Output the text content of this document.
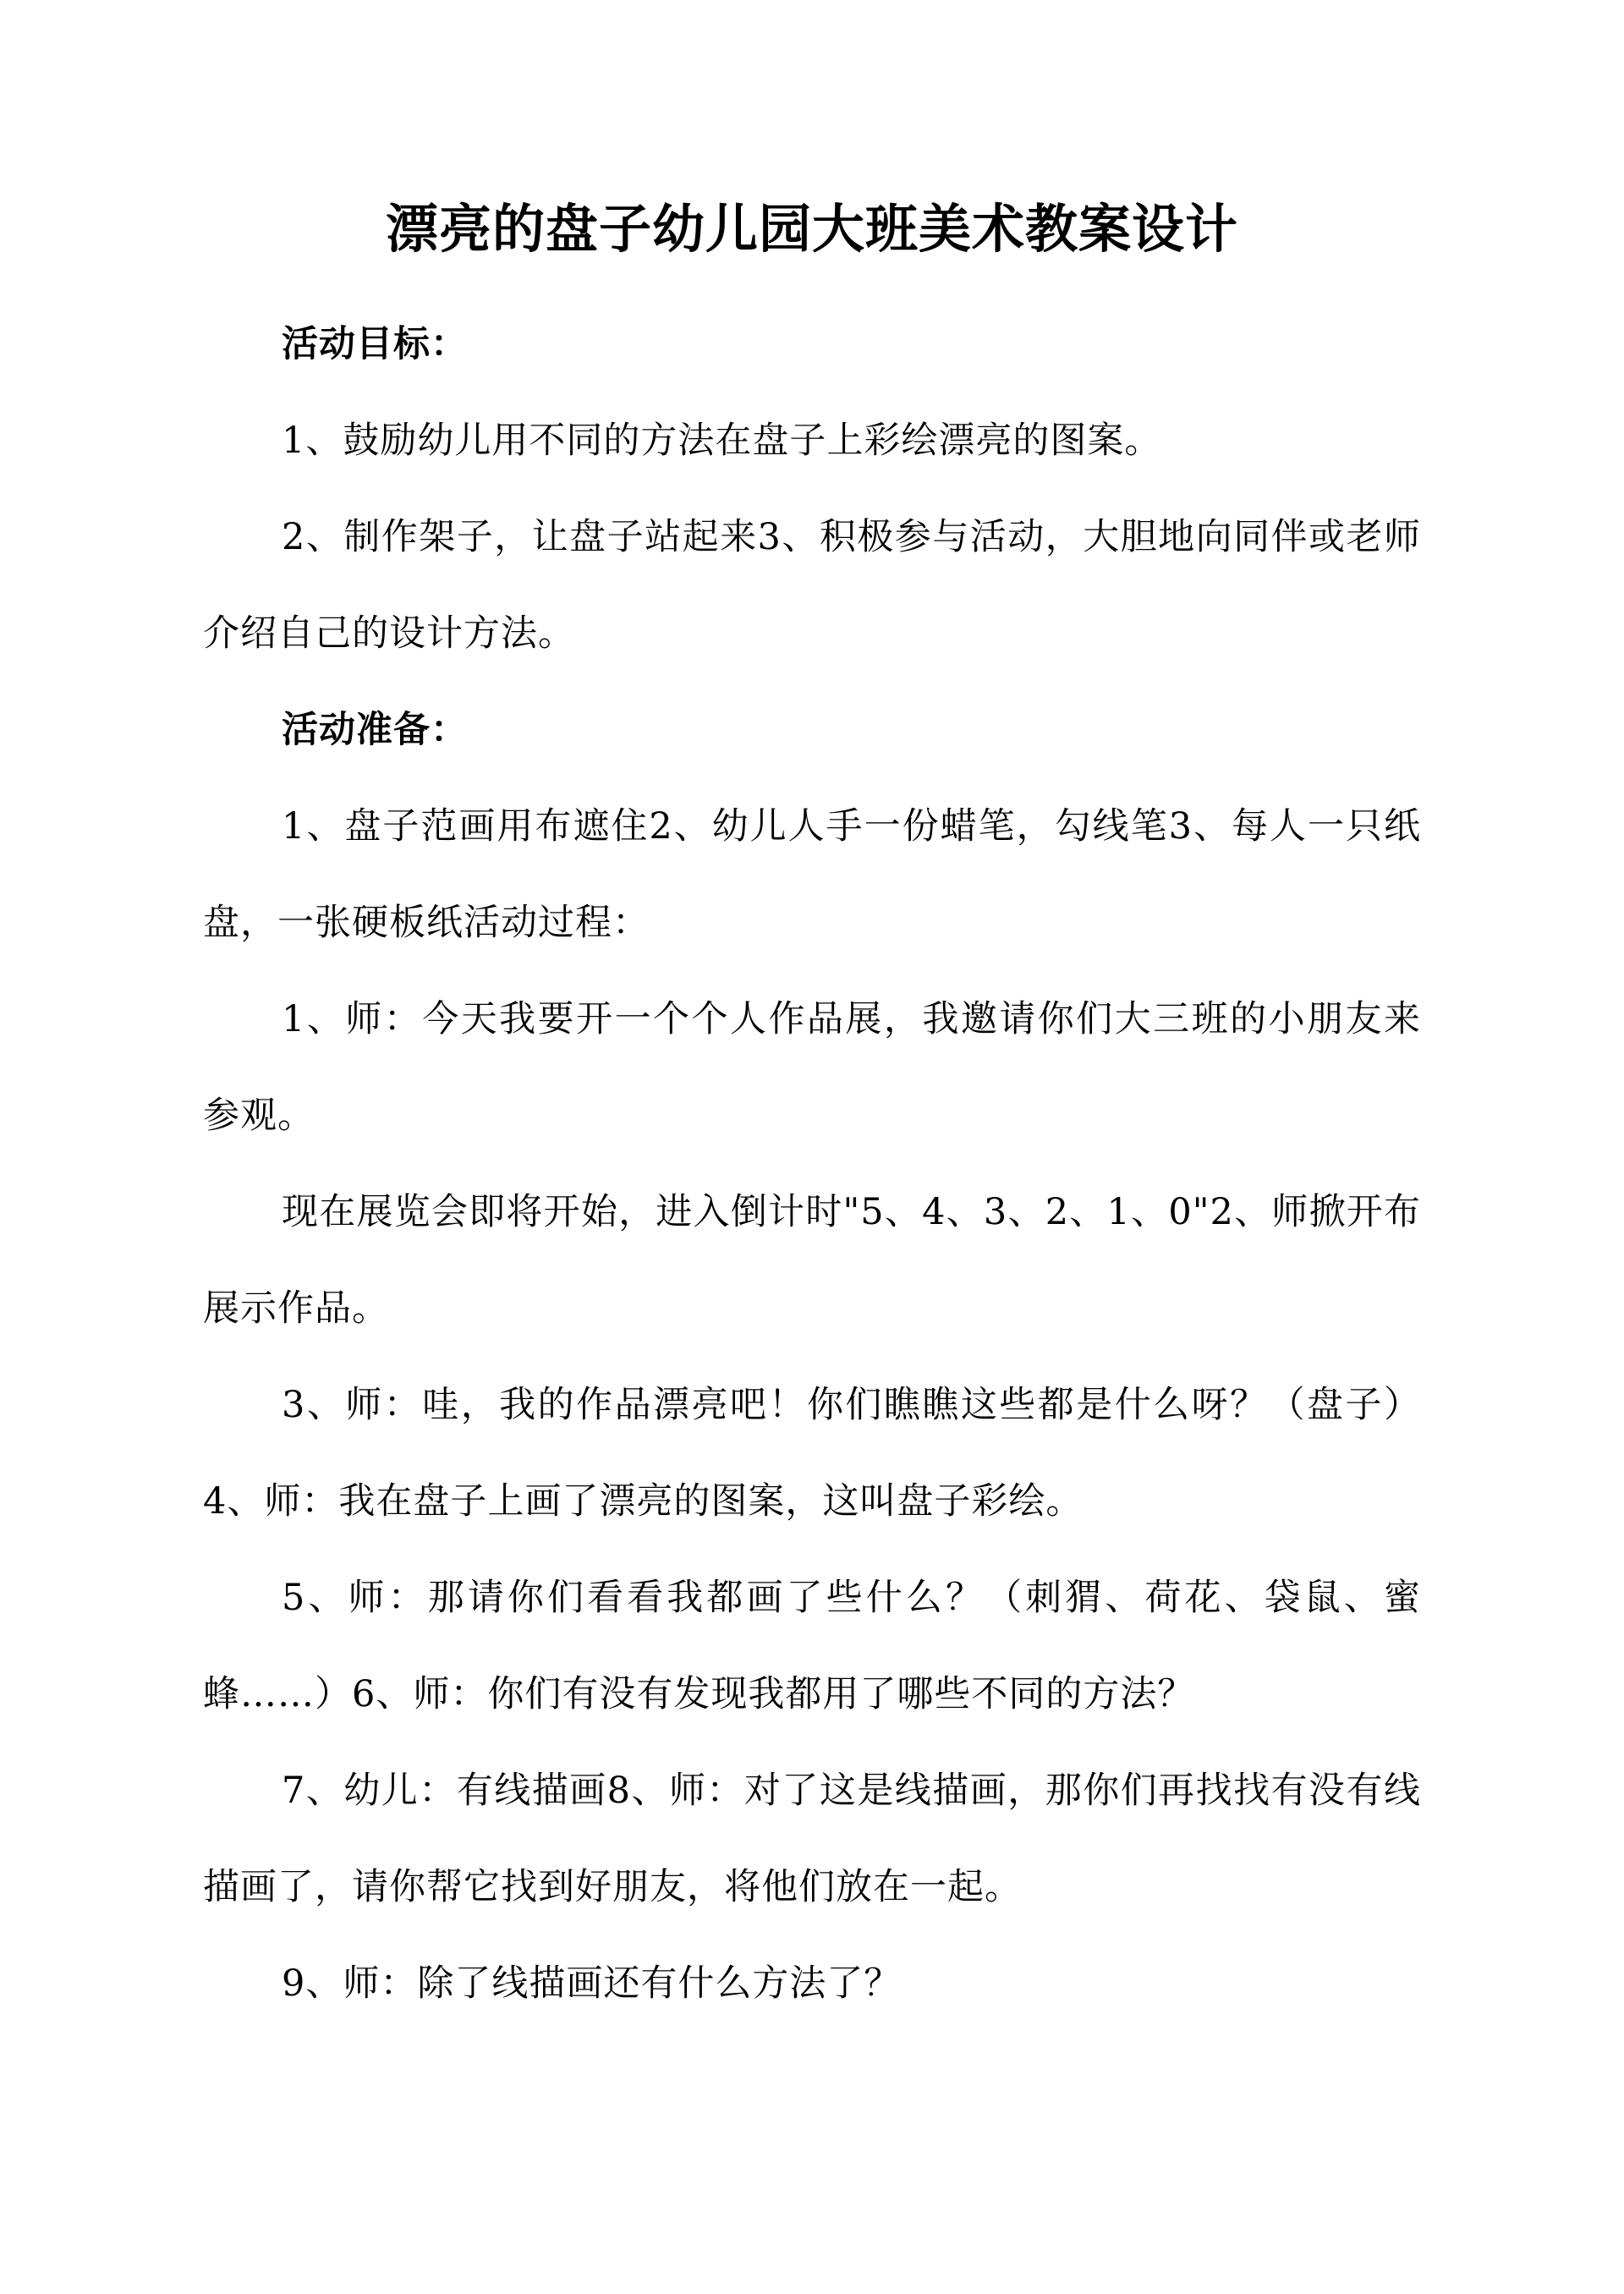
漂亮的盘子幼儿园大班美术教案设计

活动目标：

1、鼓励幼儿用不同的方法在盘子上彩绘漂亮的图案。

2、制作架子，让盘子站起来3、积极参与活动，大胆地向同伴或老师介绍自己的设计方法。

活动准备：

1、盘子范画用布遮住2、幼儿人手一份蜡笔，勾线笔3、每人一只纸盘，一张硬板纸活动过程：

1、师：今天我要开一个个人作品展，我邀请你们大三班的小朋友来参观。

现在展览会即将开始，进入倒计时"5、4、3、2、1、0"2、师掀开布展示作品。

3、师：哇，我的作品漂亮吧！你们瞧瞧这些都是什么呀？（盘子）4、师：我在盘子上画了漂亮的图案，这叫盘子彩绘。

5、师：那请你们看看我都画了些什么？（刺猬、荷花、袋鼠、蜜蜂……）6、师：你们有没有发现我都用了哪些不同的方法？

7、幼儿：有线描画8、师：对了这是线描画，那你们再找找有没有线描画了，请你帮它找到好朋友，将他们放在一起。

9、师：除了线描画还有什么方法了？
